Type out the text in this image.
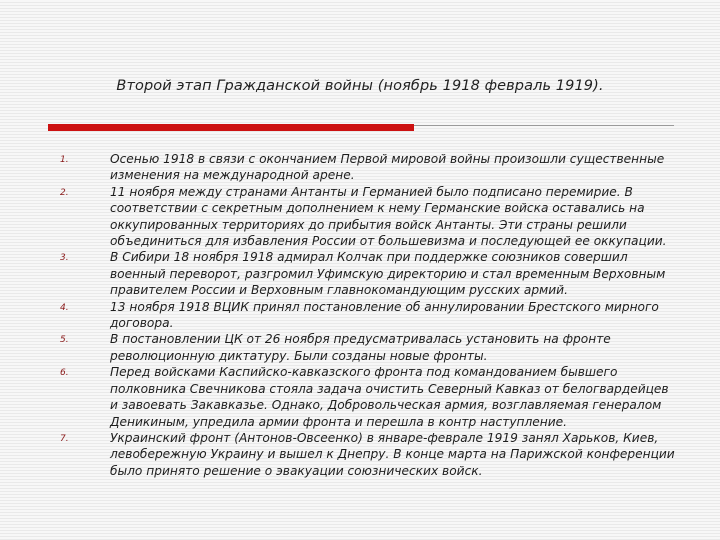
Второй этап Гражданской войны (ноябрь 1918 февраль 1919).
1.	Осенью 1918 в связи с окончанием Первой мировой войны произошли существенные изменения на международной арене.
2.	11 ноября между странами Антанты и Германией было подписано перемирие. В соответствии с секретным дополнением к нему Германские войска оставались на оккупированных территориях до прибытия войск Антанты. Эти страны решили объединиться для избавления России от большевизма и последующей ее оккупации.
3.	В Сибири 18 ноября 1918 адмирал Колчак при поддержке союзников совершил военный переворот, разгромил Уфимскую директорию и стал временным Верховным правителем России и Верховным главнокомандующим русских армий.
4.	13 ноября 1918 ВЦИК принял постановление об аннулировании Брестского мирного договора.
5.	В постановлении ЦК от 26 ноября предусматривалась установить на фронте революционную диктатуру. Были созданы новые фронты.
6.	Перед войсками Каспийско-кавказского фронта под командованием бывшего полковника Свечникова стояла задача очистить Северный Кавказ от белогвардейцев и завоевать Закавказье. Однако, Добровольческая армия, возглавляемая генералом Деникиным, упредила армии фронта и перешла в контр наступление.
7.	Украинский фронт (Антонов-Овсеенко) в январе-феврале 1919 занял Харьков, Киев, левобережную Украину и вышел к Днепру. В конце марта на Парижской конференции было принято решение о эвакуации союзнических войск.
